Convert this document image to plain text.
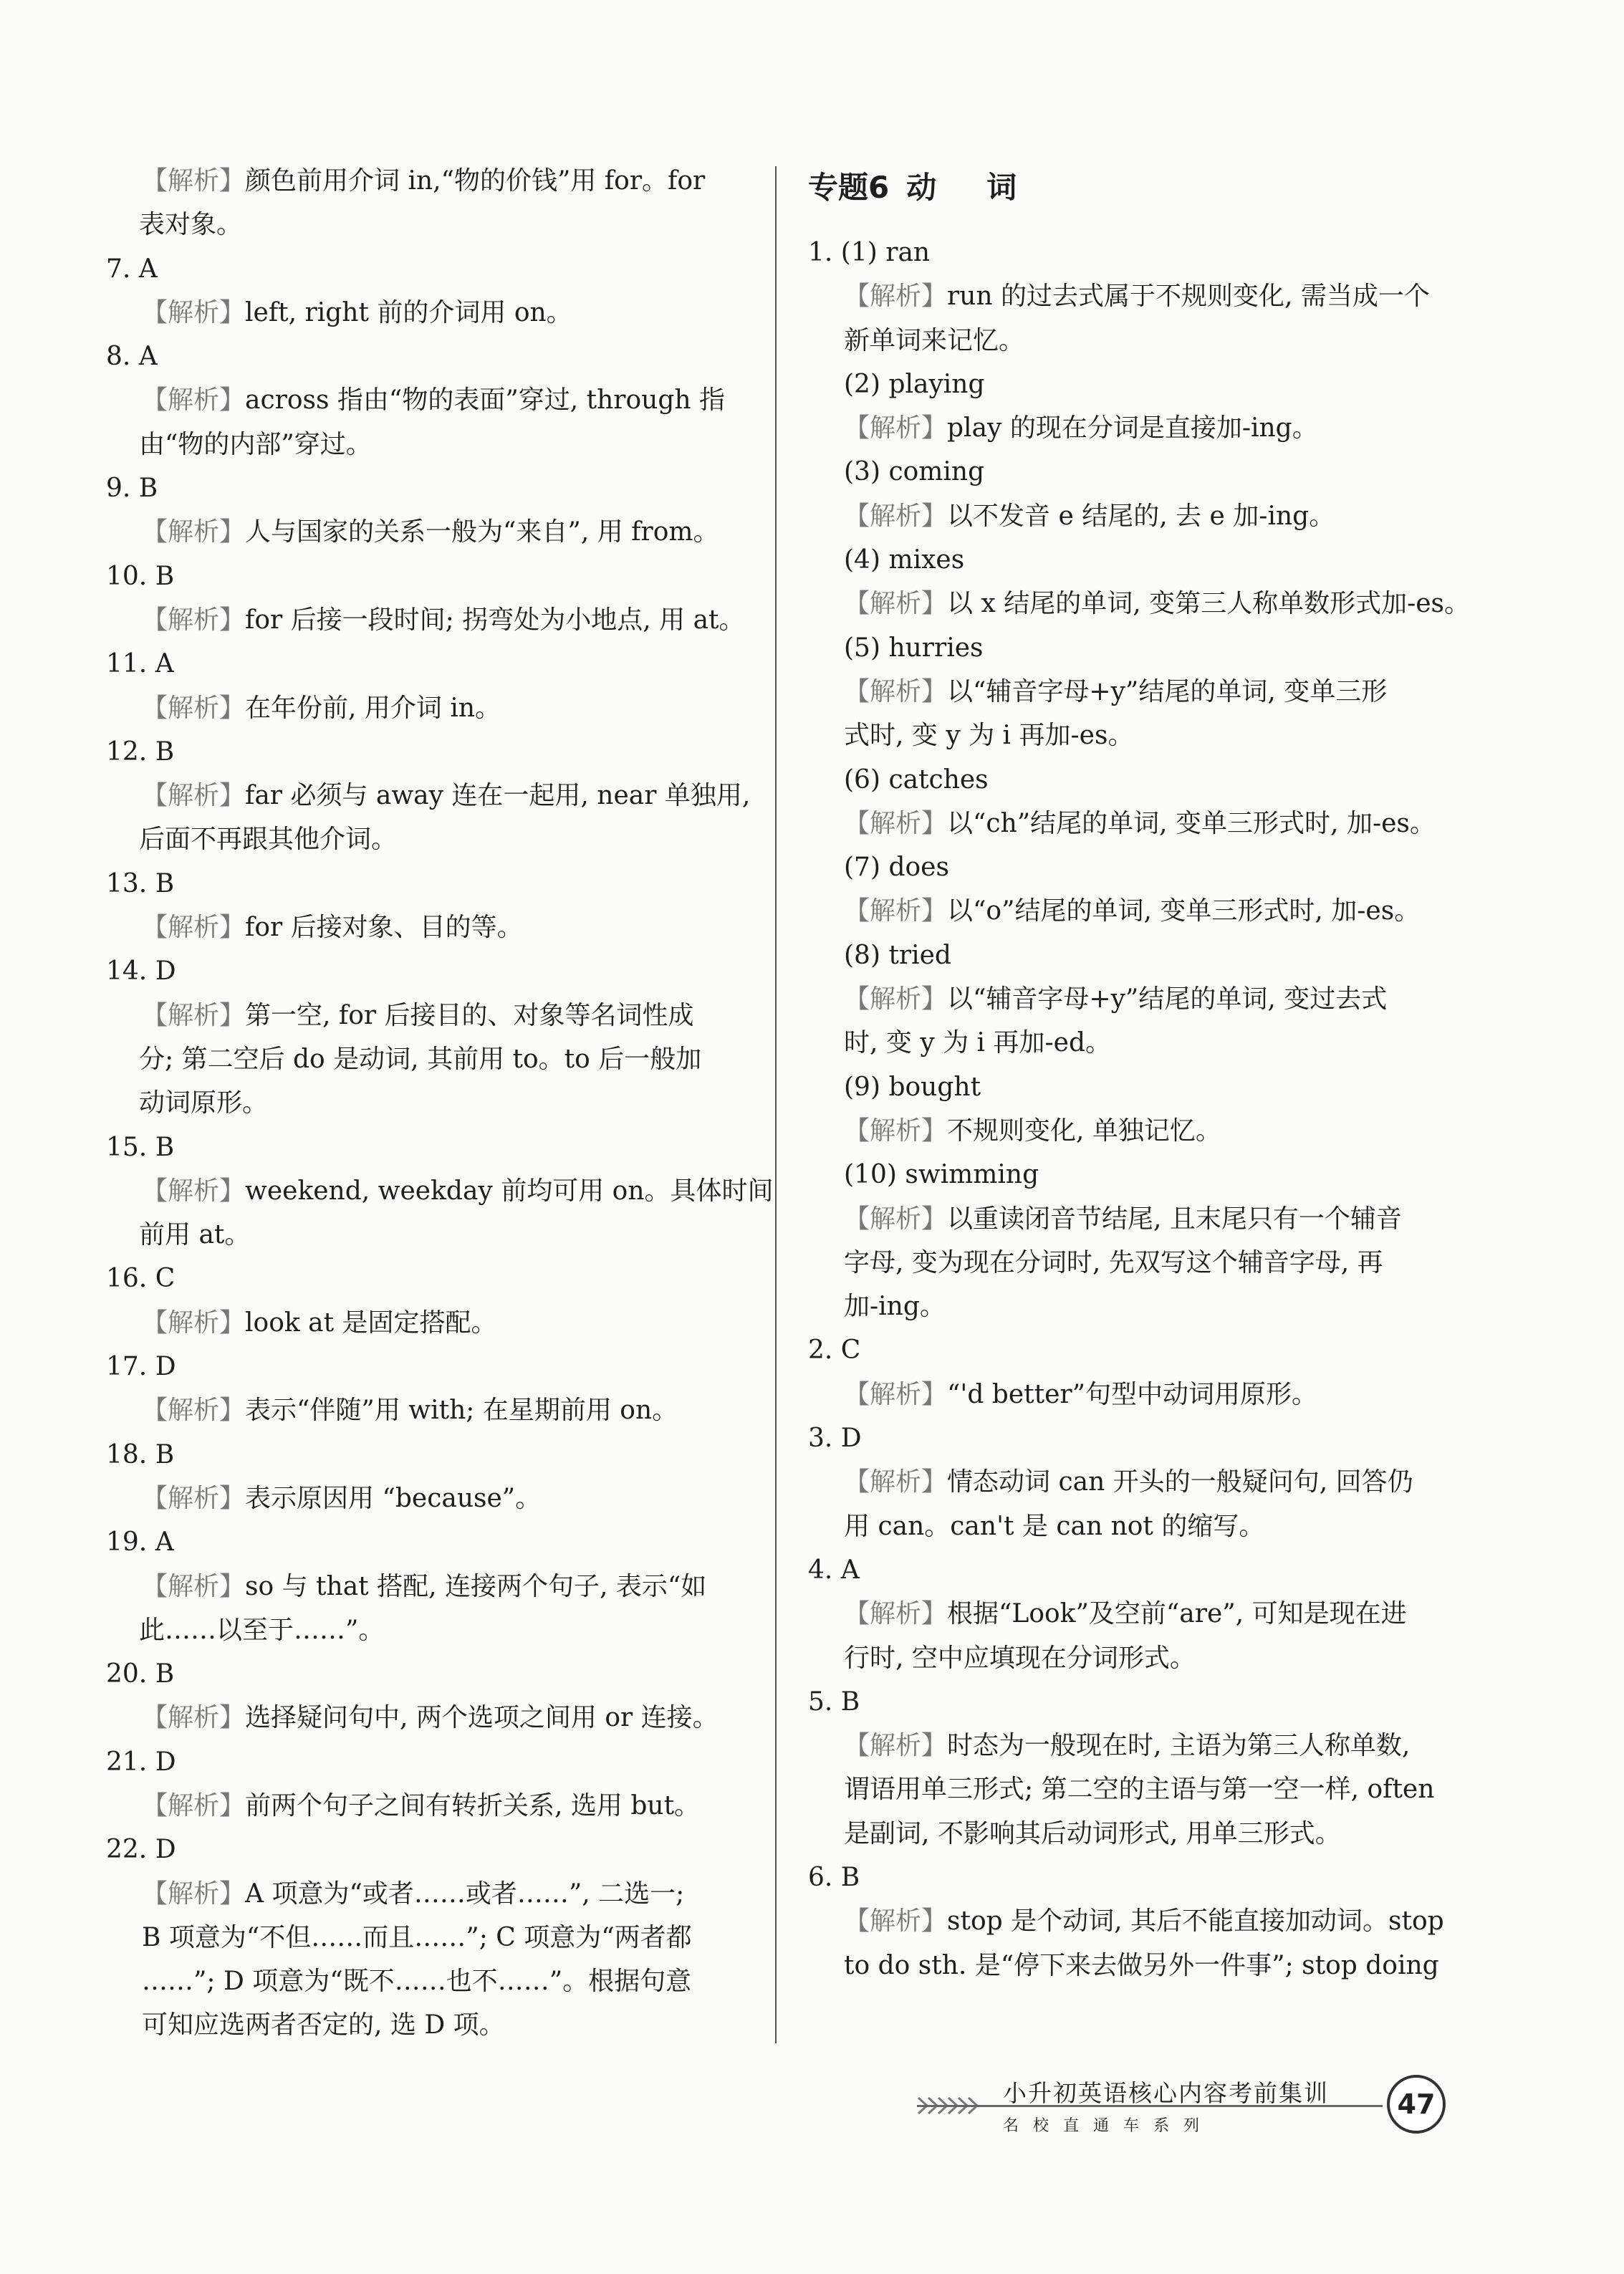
【解析】颜色前用介词 in,“物的价钱”用 for。for
表对象。
7. A
【解析】left, right 前的介词用 on。
8. A
【解析】across 指由“物的表面”穿过, through 指
由“物的内部”穿过。
9. B
【解析】人与国家的关系一般为“来自”, 用 from。
10. B
【解析】for 后接一段时间; 拐弯处为小地点, 用 at。
11. A
【解析】在年份前, 用介词 in。
12. B
【解析】far 必须与 away 连在一起用, near 单独用,
后面不再跟其他介词。
13. B
【解析】for 后接对象、目的等。
14. D
【解析】第一空, for 后接目的、对象等名词性成
分; 第二空后 do 是动词, 其前用 to。to 后一般加
动词原形。
15. B
【解析】weekend, weekday 前均可用 on。具体时间
前用 at。
16. C
【解析】look at 是固定搭配。
17. D
【解析】表示“伴随”用 with; 在星期前用 on。
18. B
【解析】表示原因用 “because”。
19. A
【解析】so 与 that 搭配, 连接两个句子, 表示“如
此……以至于……”。
20. B
【解析】选择疑问句中, 两个选项之间用 or 连接。
21. D
【解析】前两个句子之间有转折关系, 选用 but。
22. D
【解析】A 项意为“或者……或者……”, 二选一;
B 项意为“不但……而且……”; C 项意为“两者都
……”; D 项意为“既不……也不……”。根据句意
可知应选两者否定的, 选 D 项。
专题6 动 词
1. (1) ran
【解析】run 的过去式属于不规则变化, 需当成一个
新单词来记忆。
(2) playing
【解析】play 的现在分词是直接加-ing。
(3) coming
【解析】以不发音 e 结尾的, 去 e 加-ing。
(4) mixes
【解析】以 x 结尾的单词, 变第三人称单数形式加-es。
(5) hurries
【解析】以“辅音字母+y”结尾的单词, 变单三形
式时, 变 y 为 i 再加-es。
(6) catches
【解析】以“ch”结尾的单词, 变单三形式时, 加-es。
(7) does
【解析】以“o”结尾的单词, 变单三形式时, 加-es。
(8) tried
【解析】以“辅音字母+y”结尾的单词, 变过去式
时, 变 y 为 i 再加-ed。
(9) bought
【解析】不规则变化, 单独记忆。
(10) swimming
【解析】以重读闭音节结尾, 且末尾只有一个辅音
字母, 变为现在分词时, 先双写这个辅音字母, 再
加-ing。
2. C
【解析】“'d better”句型中动词用原形。
3. D
【解析】情态动词 can 开头的一般疑问句, 回答仍
用 can。can't 是 can not 的缩写。
4. A
【解析】根据“Look”及空前“are”, 可知是现在进
行时, 空中应填现在分词形式。
5. B
【解析】时态为一般现在时, 主语为第三人称单数,
谓语用单三形式; 第二空的主语与第一空一样, often
是副词, 不影响其后动词形式, 用单三形式。
6. B
【解析】stop 是个动词, 其后不能直接加动词。stop
to do sth. 是“停下来去做另外一件事”; stop doing
小升初英语核心内容考前集训
名校直通车系列
47
